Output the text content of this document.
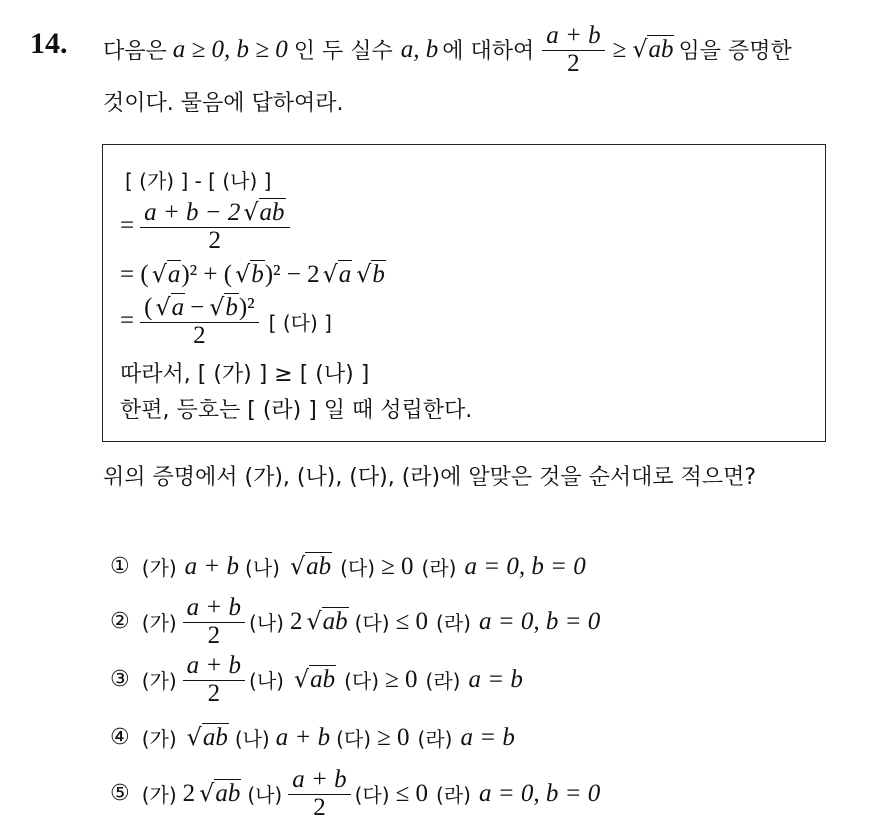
14. 다음은 a ≥ 0, b ≥ 0 인 두 실수 a, b 에 대하여 $\frac{a + b}{2}$ ≥ √ ab 임을 증명한
것이다. 물음에 답하여라.
[ (가) ] - [ (나) ]
= $\frac{a + b - 2 √ ab}{2}$
= ( √ a )² + ( √ b )² − 2 √ a √ b
= $\frac{\text{( √ a − √ b )²}}{2}$ [ (다) ]
따라서, [ (가) ] ≥ [ (나) ]
한편, 등호는 [ (라) ] 일 때 성립한다.
위의 증명에서 (가), (나), (다), (라)에 알맞은 것을 순서대로 적으면?
① (가) a + b (나) √ ab (다) ≥ 0 (라) a = 0, b = 0
② (가) $\frac{a + b}{2}$ (나) 2 √ ab (다) ≤ 0 (라) a = 0, b = 0
③ (가) $\frac{a + b}{2}$ (나) √ ab (다) ≥ 0 (라) a = b
④ (가) √ ab (나) a + b (다) ≥ 0 (라) a = b
⑤ (가) 2 √ ab (나) $\frac{a + b}{2}$ (다) ≤ 0 (라) a = 0, b = 0
